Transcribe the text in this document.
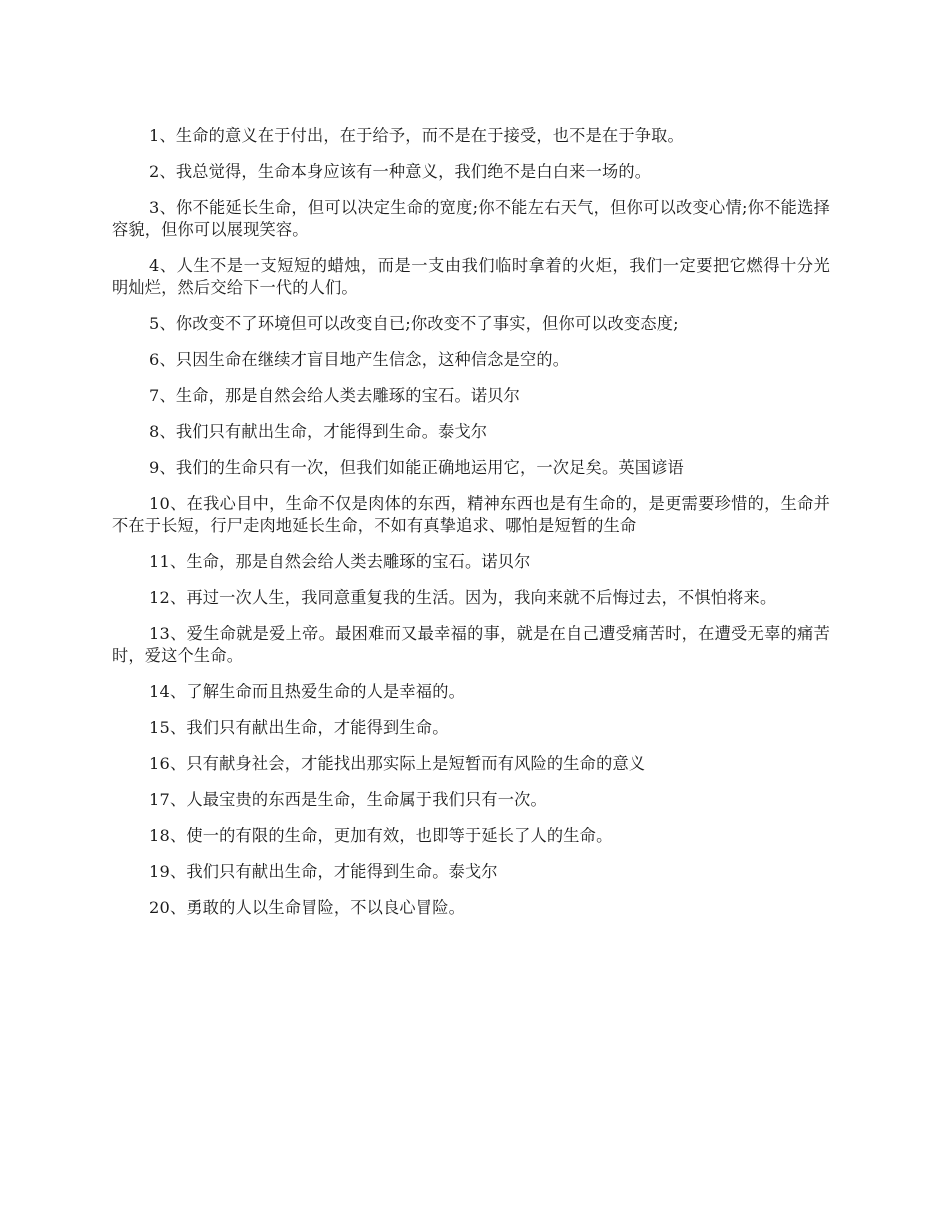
1、生命的意义在于付出，在于给予，而不是在于接受，也不是在于争取。

2、我总觉得，生命本身应该有一种意义，我们绝不是白白来一场的。

3、你不能延长生命，但可以决定生命的宽度;你不能左右天气，但你可以改变心情;你不能选择容貌，但你可以展现笑容。

4、人生不是一支短短的蜡烛，而是一支由我们临时拿着的火炬，我们一定要把它燃得十分光明灿烂，然后交给下一代的人们。

5、你改变不了环境但可以改变自已;你改变不了事实，但你可以改变态度;

6、只因生命在继续才盲目地产生信念，这种信念是空的。

7、生命，那是自然会给人类去雕琢的宝石。诺贝尔

8、我们只有献出生命，才能得到生命。泰戈尔

9、我们的生命只有一次，但我们如能正确地运用它，一次足矣。英国谚语

10、在我心目中，生命不仅是肉体的东西，精神东西也是有生命的，是更需要珍惜的，生命并不在于长短，行尸走肉地延长生命，不如有真挚追求、哪怕是短暂的生命

11、生命，那是自然会给人类去雕琢的宝石。诺贝尔

12、再过一次人生，我同意重复我的生活。因为，我向来就不后悔过去，不惧怕将来。

13、爱生命就是爱上帝。最困难而又最幸福的事，就是在自己遭受痛苦时，在遭受无辜的痛苦时，爱这个生命。

14、了解生命而且热爱生命的人是幸福的。

15、我们只有献出生命，才能得到生命。

16、只有献身社会，才能找出那实际上是短暂而有风险的生命的意义

17、人最宝贵的东西是生命，生命属于我们只有一次。

18、使一的有限的生命，更加有效，也即等于延长了人的生命。

19、我们只有献出生命，才能得到生命。泰戈尔

20、勇敢的人以生命冒险，不以良心冒险。
